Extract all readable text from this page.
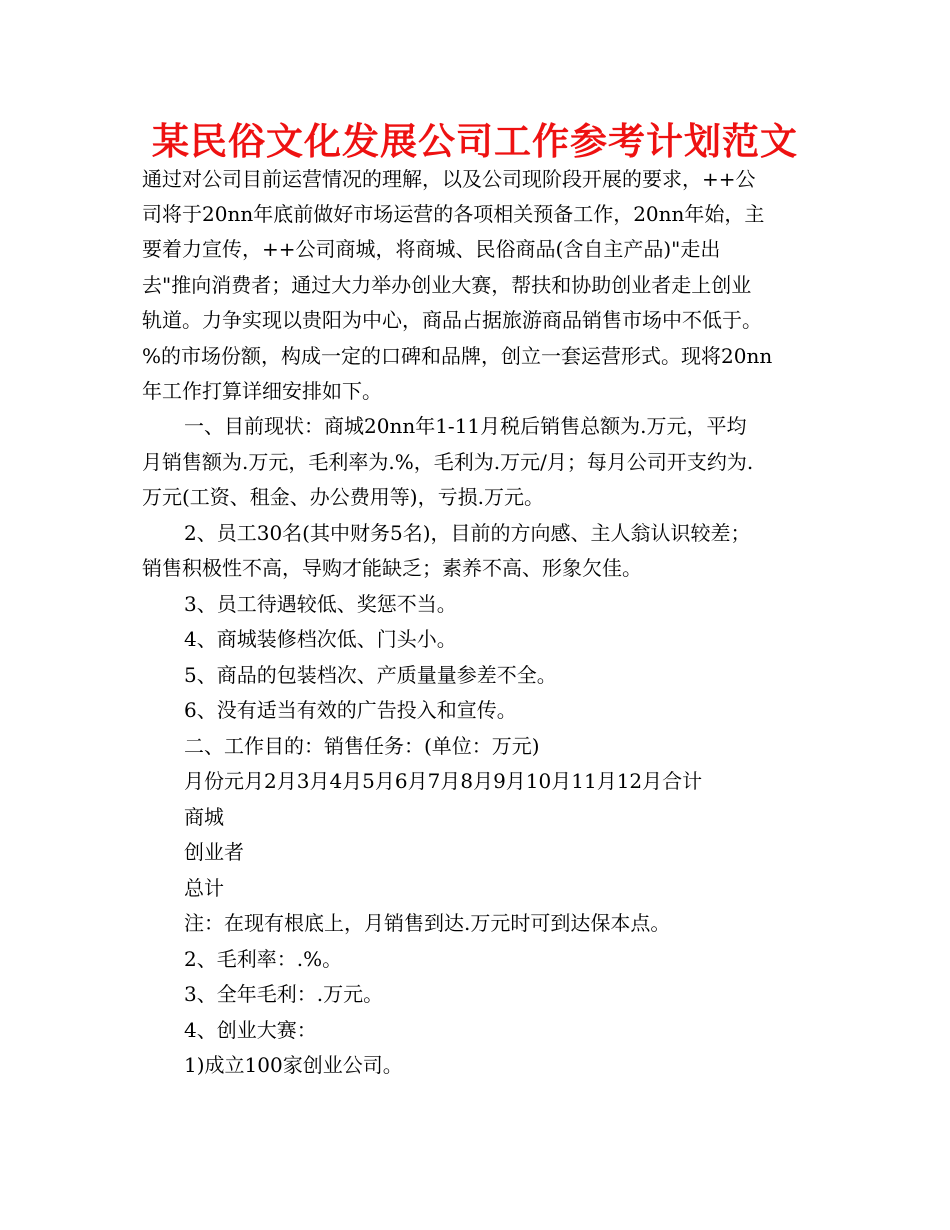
某民俗文化发展公司工作参考计划范文
通过对公司目前运营情况的理解，以及公司现阶段开展的要求，++公
司将于20nn年底前做好市场运营的各项相关预备工作，20nn年始，主
要着力宣传，++公司商城，将商城、民俗商品(含自主产品)"走出
去"推向消费者；通过大力举办创业大赛，帮扶和协助创业者走上创业
轨道。力争实现以贵阳为中心，商品占据旅游商品销售市场中不低于。
%的市场份额，构成一定的口碑和品牌，创立一套运营形式。现将20nn
年工作打算详细安排如下。
一、目前现状：商城20nn年1-11月税后销售总额为.万元，平均
月销售额为.万元，毛利率为.%，毛利为.万元/月；每月公司开支约为.
万元(工资、租金、办公费用等)，亏损.万元。
2、员工30名(其中财务5名)，目前的方向感、主人翁认识较差；
销售积极性不高，导购才能缺乏；素养不高、形象欠佳。
3、员工待遇较低、奖惩不当。
4、商城装修档次低、门头小。
5、商品的包装档次、产质量量参差不全。
6、没有适当有效的广告投入和宣传。
二、工作目的：销售任务：(单位：万元)
月份元月2月3月4月5月6月7月8月9月10月11月12月合计
商城
创业者
总计
注：在现有根底上，月销售到达.万元时可到达保本点。
2、毛利率：.%。
3、全年毛利：.万元。
4、创业大赛：
1)成立100家创业公司。
